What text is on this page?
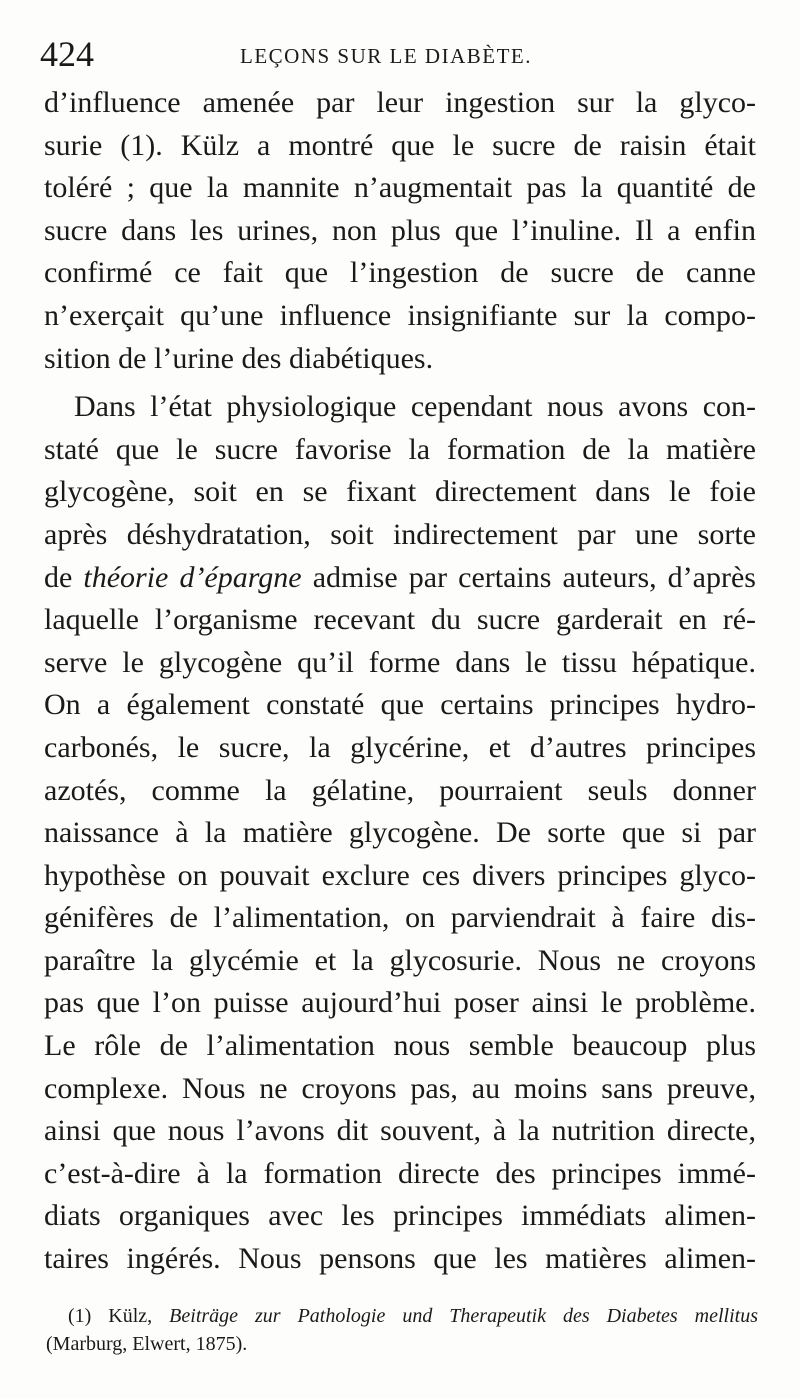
424	LEÇONS SUR LE DIABÈTE.
d’influence amenée par leur ingestion sur la glyco-
surie (1). Külz a montré que le sucre de raisin était
toléré ; que la mannite n’augmentait pas la quantité de
sucre dans les urines, non plus que l’inuline. Il a enfin
confirmé ce fait que l’ingestion de sucre de canne
n’exerçait qu’une influence insignifiante sur la compo-
sition de l’urine des diabétiques.
Dans l’état physiologique cependant nous avons con-
staté que le sucre favorise la formation de la matière
glycogène, soit en se fixant directement dans le foie
après déshydratation, soit indirectement par une sorte
de théorie d’épargne admise par certains auteurs, d’après
laquelle l’organisme recevant du sucre garderait en ré-
serve le glycogène qu’il forme dans le tissu hépatique.
On a également constaté que certains principes hydro-
carbonés, le sucre, la glycérine, et d’autres principes
azotés, comme la gélatine, pourraient seuls donner
naissance à la matière glycogène. De sorte que si par
hypothèse on pouvait exclure ces divers principes glyco-
génifères de l’alimentation, on parviendrait à faire dis-
paraître la glycémie et la glycosurie. Nous ne croyons
pas que l’on puisse aujourd’hui poser ainsi le problème.
Le rôle de l’alimentation nous semble beaucoup plus
complexe. Nous ne croyons pas, au moins sans preuve,
ainsi que nous l’avons dit souvent, à la nutrition directe,
c’est-à-dire à la formation directe des principes immé-
diats organiques avec les principes immédiats alimen-
taires ingérés. Nous pensons que les matières alimen-
(1) Külz, Beiträge zur Pathologie und Therapeutik des Diabetes mellitus
(Marburg, Elwert, 1875).
